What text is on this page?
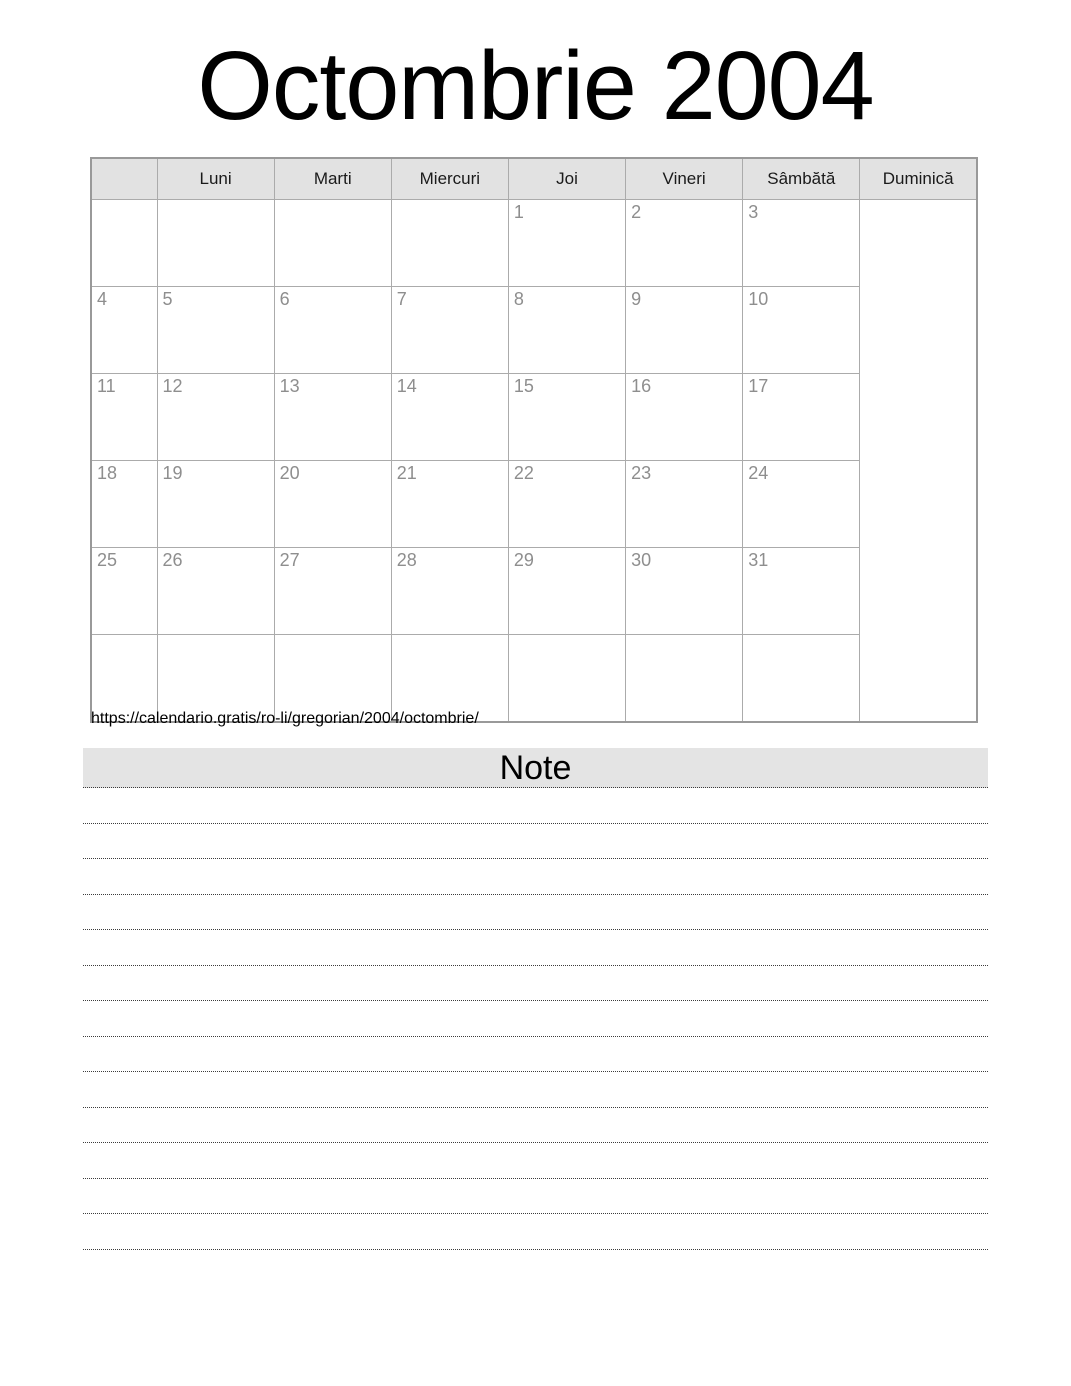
Octombrie 2004
	Luni	Marti	Miercuri	Joi	Vineri	Sâmbătă	Duminică
				1	2	3	
4	5	6	7	8	9	10	
11	12	13	14	15	16	17	
18	19	20	21	22	23	24	
25	26	27	28	29	30	31	

https://calendario.gratis/ro-li/gregorian/2004/octombrie/
Note
